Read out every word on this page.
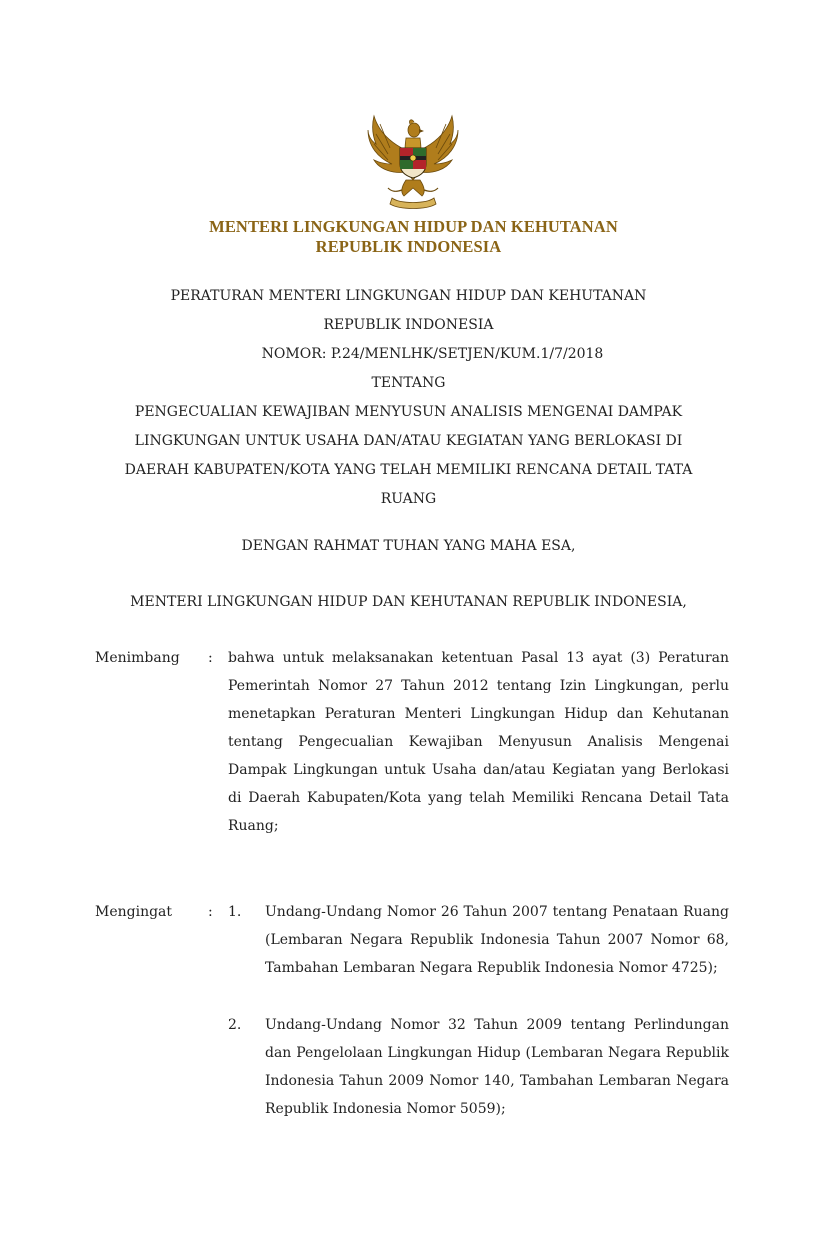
MENTERI LINGKUNGAN HIDUP DAN KEHUTANAN
REPUBLIK INDONESIA
PERATURAN MENTERI LINGKUNGAN HIDUP DAN KEHUTANAN
REPUBLIK INDONESIA
NOMOR: P.24/MENLHK/SETJEN/KUM.1/7/2018
TENTANG
PENGECUALIAN KEWAJIBAN MENYUSUN ANALISIS MENGENAI DAMPAK
LINGKUNGAN UNTUK USAHA DAN/ATAU KEGIATAN YANG BERLOKASI DI
DAERAH KABUPATEN/KOTA YANG TELAH MEMILIKI RENCANA DETAIL TATA
RUANG
DENGAN RAHMAT TUHAN YANG MAHA ESA,
MENTERI LINGKUNGAN HIDUP DAN KEHUTANAN REPUBLIK INDONESIA,
Menimbang : bahwa untuk melaksanakan ketentuan Pasal 13 ayat (3) Peraturan Pemerintah Nomor 27 Tahun 2012 tentang Izin Lingkungan, perlu menetapkan Peraturan Menteri Lingkungan Hidup dan Kehutanan tentang Pengecualian Kewajiban Menyusun Analisis Mengenai Dampak Lingkungan untuk Usaha dan/atau Kegiatan yang Berlokasi di Daerah Kabupaten/Kota yang telah Memiliki Rencana Detail Tata Ruang;
Mengingat	: 1. Undang-Undang Nomor 26 Tahun 2007 tentang Penataan Ruang (Lembaran Negara Republik Indonesia Tahun 2007 Nomor 68, Tambahan Lembaran Negara Republik Indonesia Nomor 4725);
2. Undang-Undang Nomor 32 Tahun 2009 tentang Perlindungan dan Pengelolaan Lingkungan Hidup (Lembaran Negara Republik Indonesia Tahun 2009 Nomor 140, Tambahan Lembaran Negara Republik Indonesia Nomor 5059);
